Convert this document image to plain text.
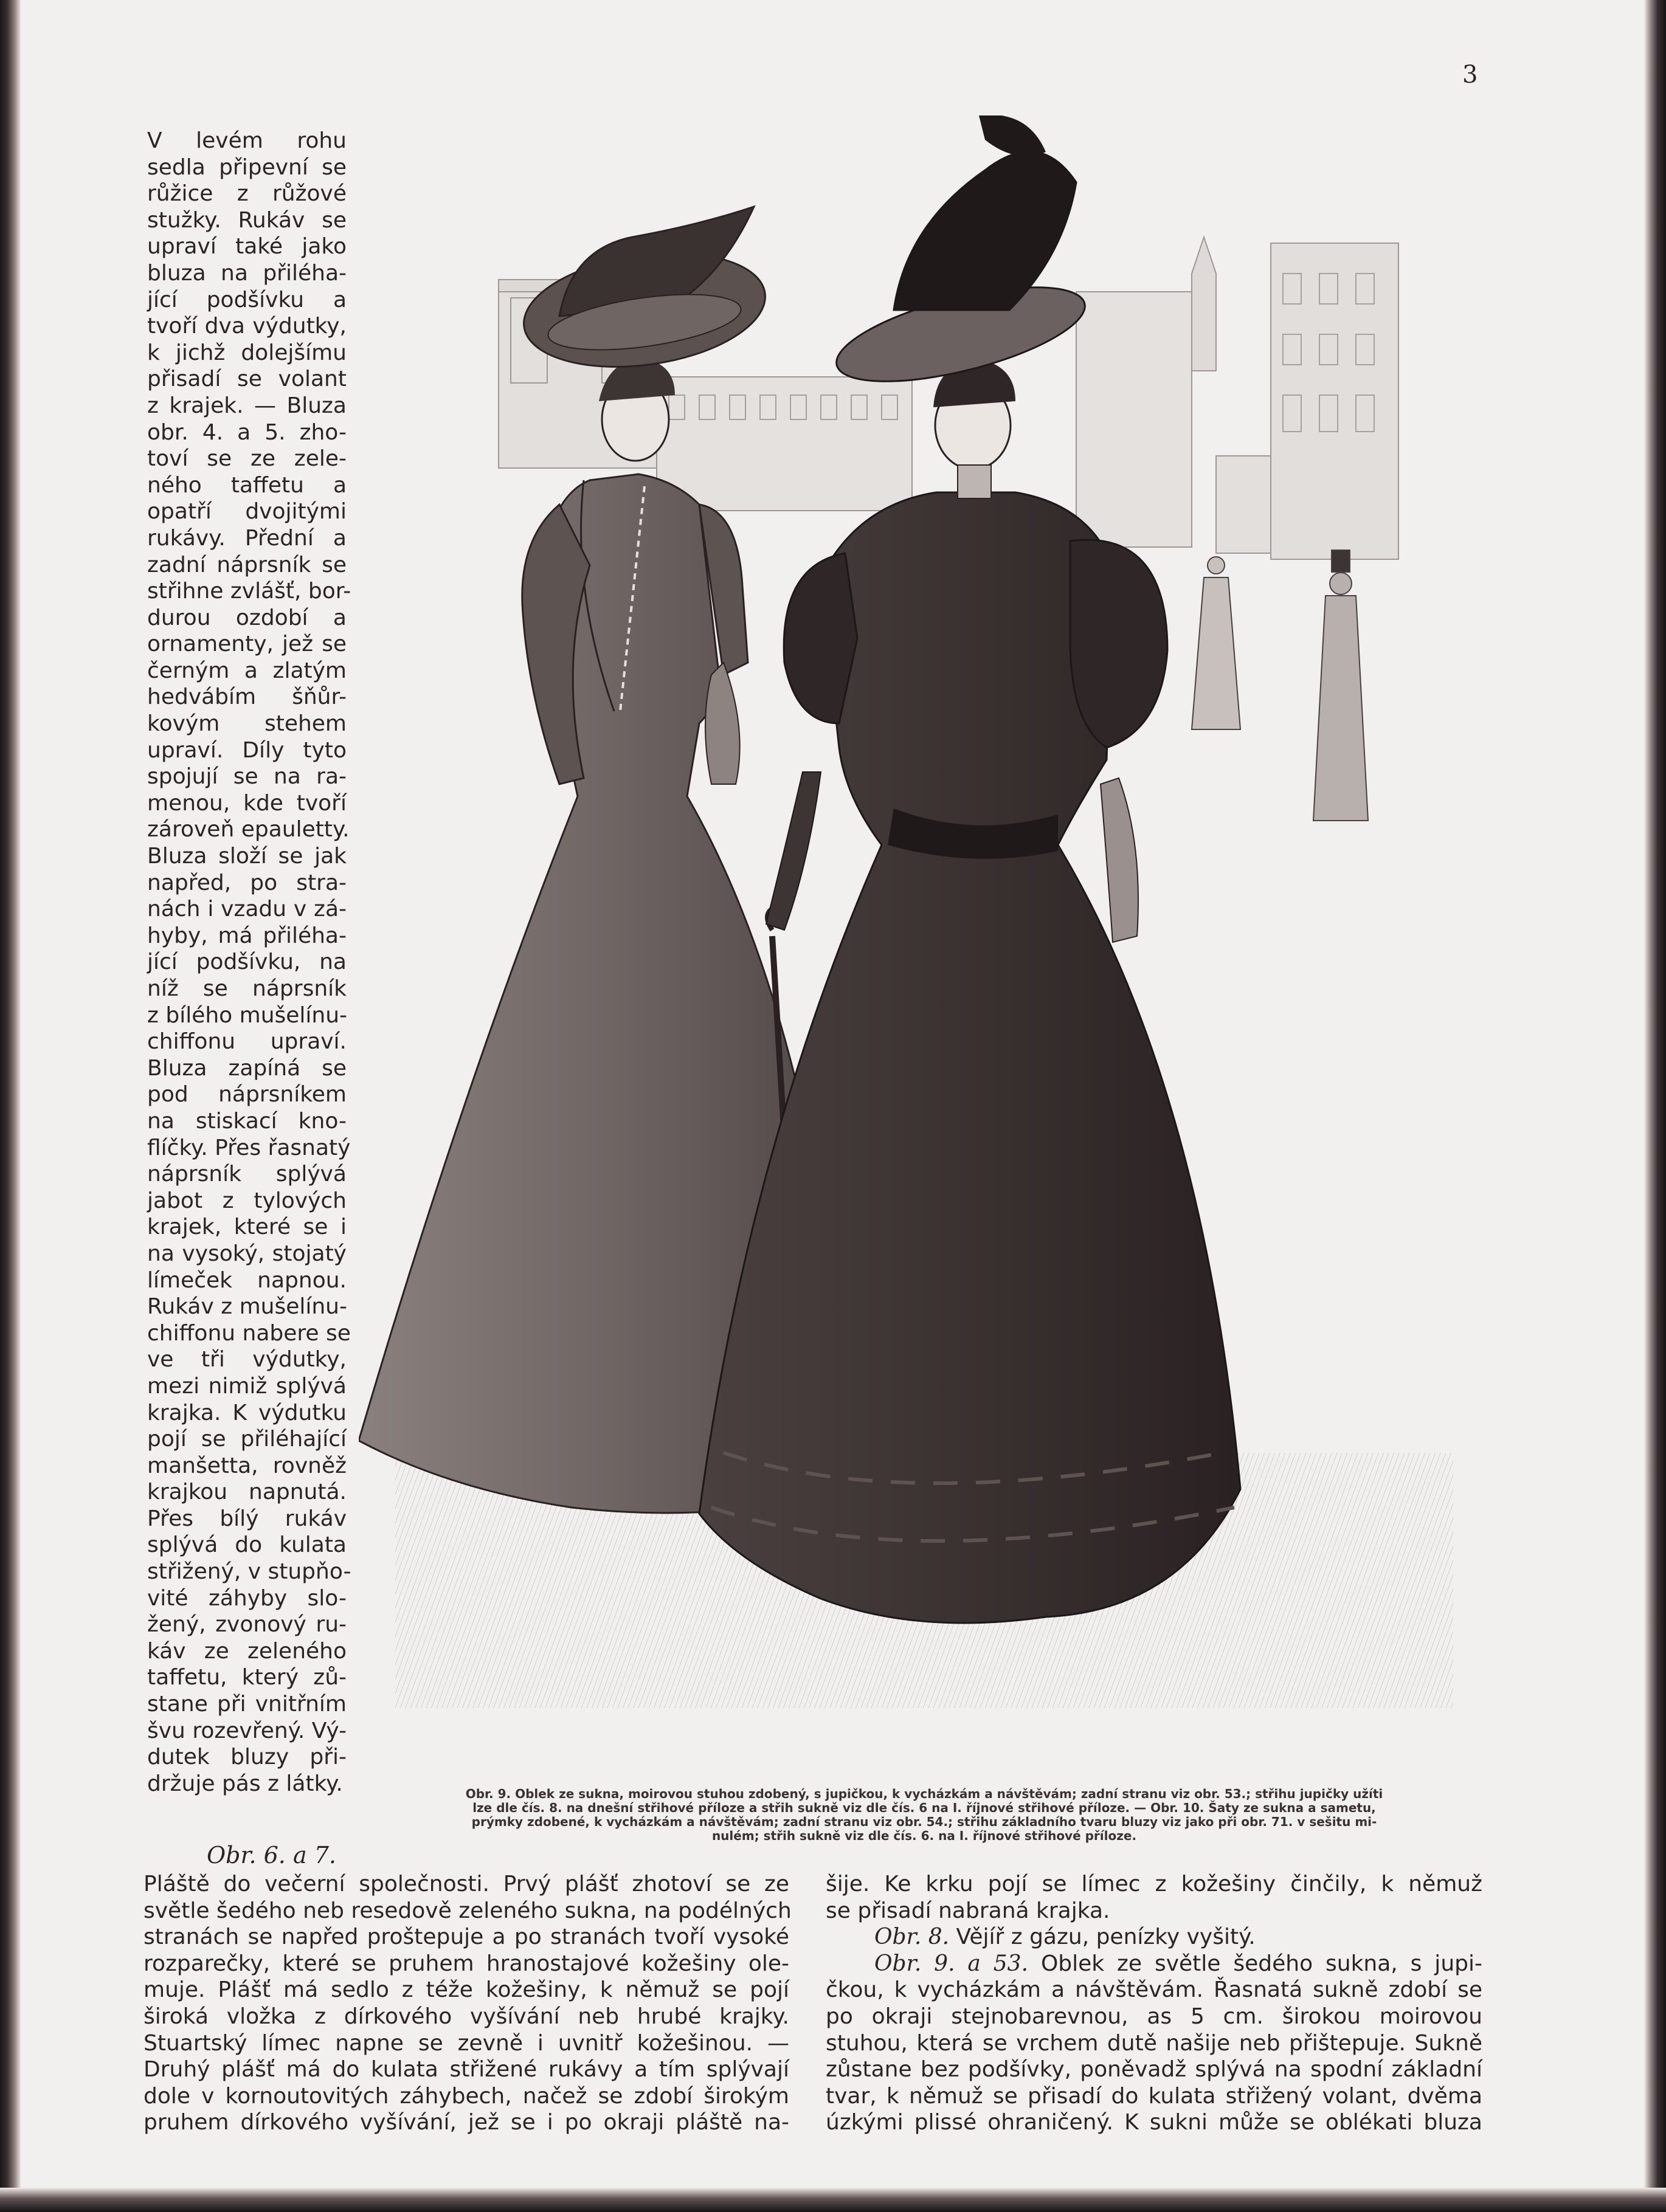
3
V levém rohu
sedla připevní se
růžice z růžové
stužky. Rukáv se
upraví také jako
bluza na přiléha-
jící podšívku a
tvoří dva výdutky,
k jichž dolejšímu
přisadí se volant
z krajek. — Bluza
obr. 4. a 5. zho-
toví se ze zele-
ného taffetu a
opatří dvojitými
rukávy. Přední a
zadní náprsník se
střihne zvlášť, bor-
durou ozdobí a
ornamenty, jež se
černým a zlatým
hedvábím šňůr-
kovým stehem
upraví. Díly tyto
spojují se na ra-
menou, kde tvoří
zároveň epauletty.
Bluza složí se jak
napřed, po stra-
nách i vzadu v zá-
hyby, má přiléha-
jící podšívku, na
níž se náprsník
z bílého mušelínu-
chiffonu upraví.
Bluza zapíná se
pod náprsníkem
na stiskací kno-
flíčky. Přes řasnatý
náprsník splývá
jabot z tylových
krajek, které se i
na vysoký, stojatý
límeček napnou.
Rukáv z mušelínu-
chiffonu nabere se
ve tři výdutky,
mezi nimiž splývá
krajka. K výdutku
pojí se přiléhající
manšetta, rovněž
krajkou napnutá.
Přes bílý rukáv
splývá do kulata
střižený, v stupňo-
vité záhyby slo-
žený, zvonový ru-
káv ze zeleného
taffetu, který zů-
stane při vnitřním
švu rozevřený. Vý-
dutek bluzy při-
držuje pás z látky.
Obr. 6. a 7.
Obr. 9. Oblek ze sukna, moirovou stuhou zdobený, s jupičkou, k vycházkám a návštěvám; zadní stranu viz obr. 53.; střihu jupičky užíti
lze dle čís. 8. na dnešní střihové příloze a střih sukně viz dle čís. 6 na I. říjnové střihové příloze. — Obr. 10. Šaty ze sukna a sametu,
prýmky zdobené, k vycházkám a návštěvám; zadní stranu viz obr. 54.; střihu základního tvaru bluzy viz jako při obr. 71. v sešitu mi-
nulém; střih sukně viz dle čís. 6. na I. říjnové střihové příloze.
Pláště do večerní společnosti. Prvý plášť zhotoví se ze
světle šedého neb resedově zeleného sukna, na podélných
stranách se napřed proštepuje a po stranách tvoří vysoké
rozparečky, které se pruhem hranostajové kožešiny ole-
muje. Plášť má sedlo z téže kožešiny, k němuž se pojí
široká vložka z dírkového vyšívání neb hrubé krajky.
Stuartský límec napne se zevně i uvnitř kožešinou. —
Druhý plášť má do kulata střižené rukávy a tím splývají
dole v kornoutovitých záhybech, načež se zdobí širokým
pruhem dírkového vyšívání, jež se i po okraji pláště na-
šije. Ke krku pojí se límec z kožešiny činčily, k němuž
se přisadí nabraná krajka.
Obr. 8. Vějíř z gázu, penízky vyšitý.
Obr. 9. a 53. Oblek ze světle šedého sukna, s jupi-
čkou, k vycházkám a návštěvám. Řasnatá sukně zdobí se
po okraji stejnobarevnou, as 5 cm. širokou moirovou
stuhou, která se vrchem dutě našije neb přištepuje. Sukně
zůstane bez podšívky, poněvadž splývá na spodní základní
tvar, k němuž se přisadí do kulata střižený volant, dvěma
úzkými plissé ohraničený. K sukni může se oblékati bluza
